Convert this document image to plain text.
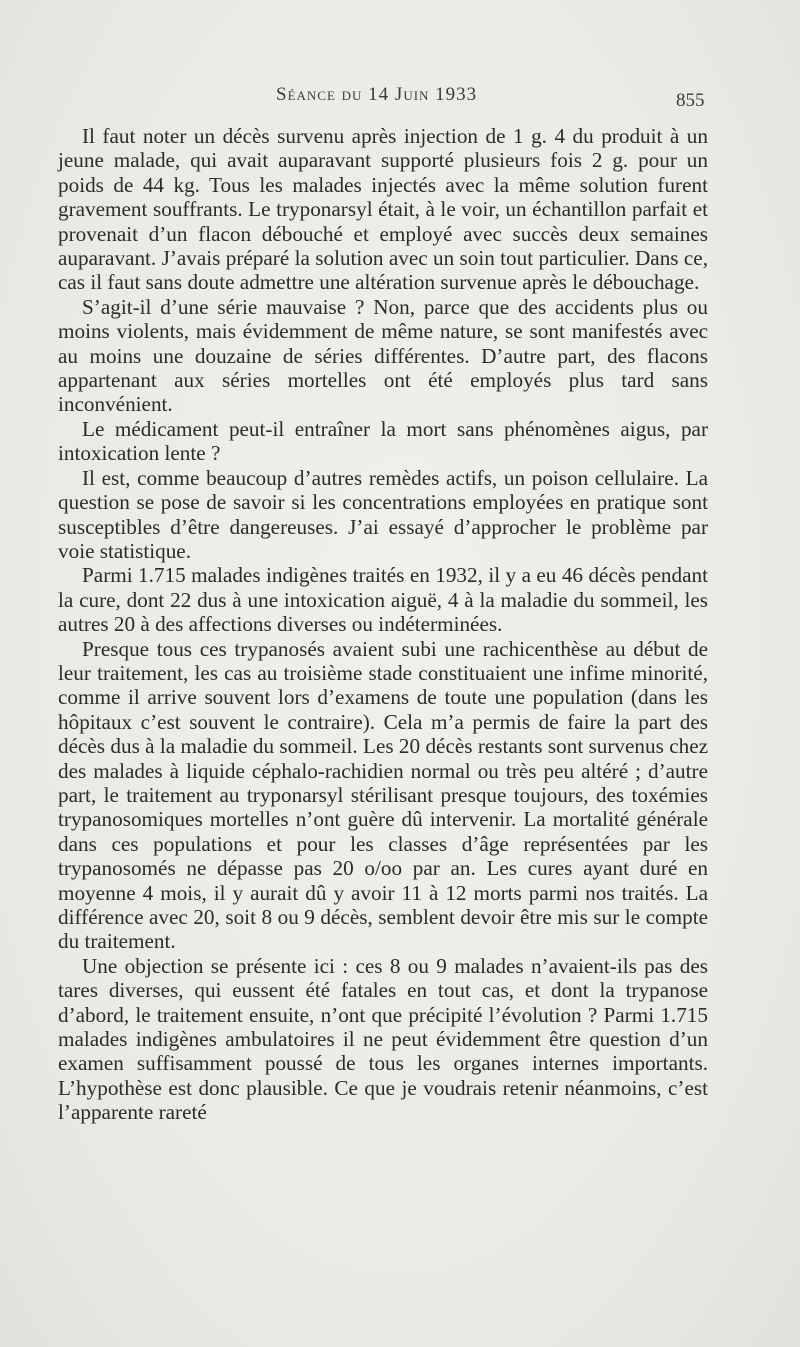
Séance du 14 Juin 1933	855

Il faut noter un décès survenu après injection de 1 g. 4 du produit à un jeune malade, qui avait auparavant supporté plusieurs fois 2 g. pour un poids de 44 kg. Tous les malades injectés avec la même solution furent gravement souffrants. Le tryponarsyl était, à le voir, un échantillon parfait et provenait d’un flacon débouché et employé avec succès deux semaines auparavant. J’avais préparé la solution avec un soin tout particulier. Dans ce, cas il faut sans doute admettre une altération survenue après le débouchage.

S’agit-il d’une série mauvaise ? Non, parce que des accidents plus ou moins violents, mais évidemment de même nature, se sont manifestés avec au moins une douzaine de séries différentes. D’autre part, des flacons appartenant aux séries mortelles ont été employés plus tard sans inconvénient.

Le médicament peut-il entraîner la mort sans phénomènes aigus, par intoxication lente ?

Il est, comme beaucoup d’autres remèdes actifs, un poison cellulaire. La question se pose de savoir si les concentrations employées en pratique sont susceptibles d’être dangereuses. J’ai essayé d’approcher le problème par voie statistique.

Parmi 1.715 malades indigènes traités en 1932, il y a eu 46 décès pendant la cure, dont 22 dus à une intoxication aiguë, 4 à la maladie du sommeil, les autres 20 à des affections diverses ou indéterminées.

Presque tous ces trypanosés avaient subi une rachicenthèse au début de leur traitement, les cas au troisième stade constituaient une infime minorité, comme il arrive souvent lors d’examens de toute une population (dans les hôpitaux c’est souvent le contraire). Cela m’a permis de faire la part des décès dus à la maladie du sommeil. Les 20 décès restants sont survenus chez des malades à liquide céphalo-rachidien normal ou très peu altéré ; d’autre part, le traitement au tryponarsyl stérilisant presque toujours, des toxémies trypanosomiques mortelles n’ont guère dû intervenir. La mortalité générale dans ces populations et pour les classes d’âge représentées par les trypanosomés ne dépasse pas 20 o/oo par an. Les cures ayant duré en moyenne 4 mois, il y aurait dû y avoir 11 à 12 morts parmi nos traités. La différence avec 20, soit 8 ou 9 décès, semblent devoir être mis sur le compte du traitement.

Une objection se présente ici : ces 8 ou 9 malades n’avaient-ils pas des tares diverses, qui eussent été fatales en tout cas, et dont la trypanose d’abord, le traitement ensuite, n’ont que précipité l’évolution ? Parmi 1.715 malades indigènes ambulatoires il ne peut évidemment être question d’un examen suffisamment poussé de tous les organes internes importants. L’hypothèse est donc plausible. Ce que je voudrais retenir néanmoins, c’est l’apparente rareté
